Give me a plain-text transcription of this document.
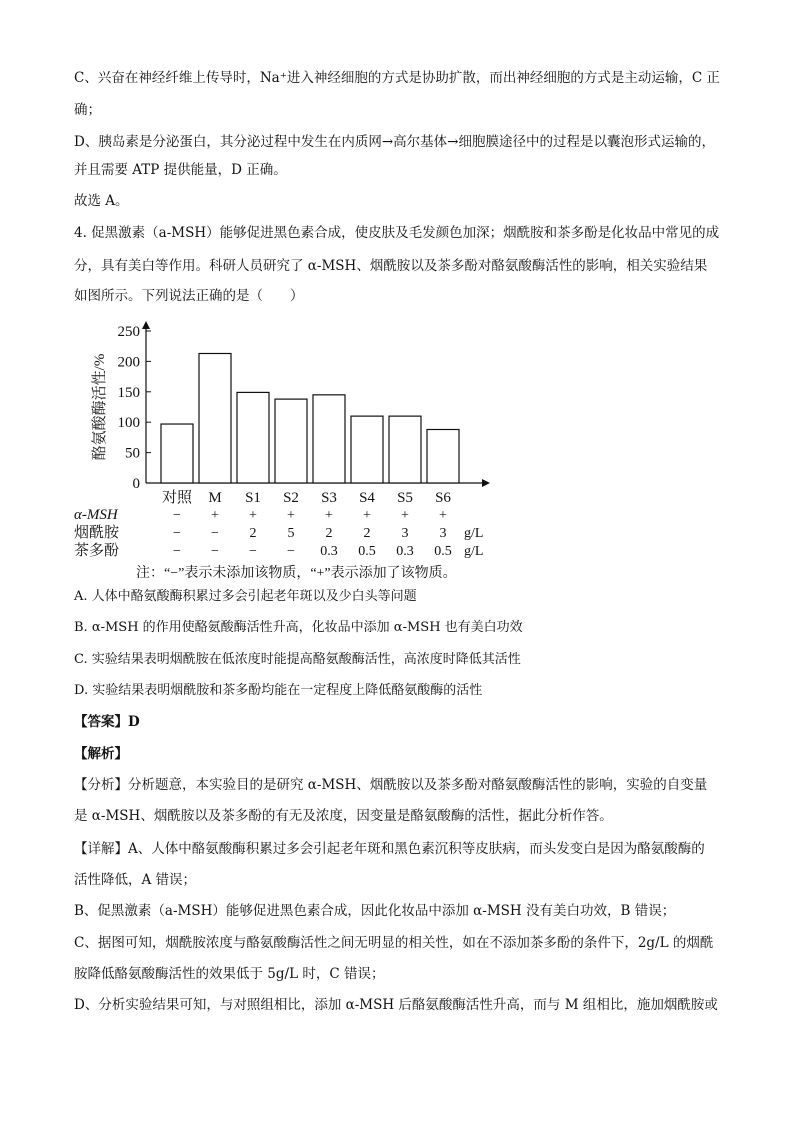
C、兴奋在神经纤维上传导时，Na⁺进入神经细胞的方式是协助扩散，而出神经细胞的方式是主动运输，C 正
确；
D、胰岛素是分泌蛋白，其分泌过程中发生在内质网→高尔基体→细胞膜途径中的过程是以囊泡形式运输的，
并且需要 ATP 提供能量，D 正确。
故选 A。
4. 促黑激素（a-MSH）能够促进黑色素合成，使皮肤及毛发颜色加深；烟酰胺和茶多酚是化妆品中常见的成
分，具有美白等作用。科研人员研究了 α-MSH、烟酰胺以及茶多酚对酪氨酸酶活性的影响，相关实验结果
如图所示。下列说法正确的是（　　）
0
50
100
150
200
250
酪氨酸酶活性/%
对照 M S1 S2 S3 S4 S5 S6
α-MSH	− + + + + + + +
烟酰胺	− − 2 5 2 2 3 3 g/L
茶多酚	− − − − 0.3 0.5 0.3 0.5 g/L
注：“−”表示未添加该物质，“+”表示添加了该物质。
A. 人体中酪氨酸酶积累过多会引起老年斑以及少白头等问题
B. α-MSH 的作用使酪氨酸酶活性升高，化妆品中添加 α-MSH 也有美白功效
C. 实验结果表明烟酰胺在低浓度时能提高酪氨酸酶活性，高浓度时降低其活性
D. 实验结果表明烟酰胺和茶多酚均能在一定程度上降低酪氨酸酶的活性
【答案】D
【解析】
【分析】分析题意，本实验目的是研究 α-MSH、烟酰胺以及茶多酚对酪氨酸酶活性的影响，实验的自变量
是 α-MSH、烟酰胺以及茶多酚的有无及浓度，因变量是酪氨酸酶的活性，据此分析作答。
【详解】A、人体中酪氨酸酶积累过多会引起老年斑和黑色素沉积等皮肤病，而头发变白是因为酪氨酸酶的
活性降低，A 错误；
B、促黑激素（a-MSH）能够促进黑色素合成，因此化妆品中添加 α-MSH 没有美白功效，B 错误；
C、据图可知，烟酰胺浓度与酪氨酸酶活性之间无明显的相关性，如在不添加茶多酚的条件下，2g/L 的烟酰
胺降低酪氨酸酶活性的效果低于 5g/L 时，C 错误；
D、分析实验结果可知，与对照组相比，添加 α-MSH 后酪氨酸酶活性升高，而与 M 组相比，施加烟酰胺或
